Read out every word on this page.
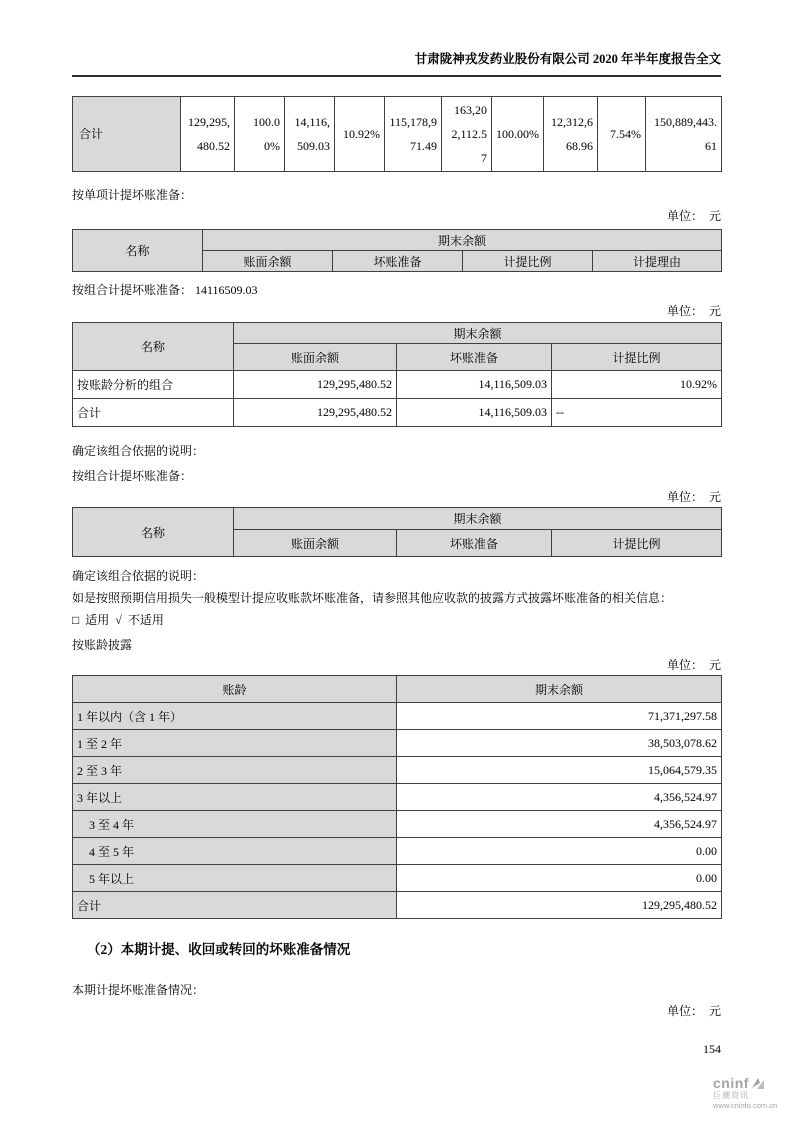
甘肃陇神戎发药业股份有限公司 2020 年半年度报告全文
合计	129,295,480.52	100.00%	14,116,509.03	10.92%	115,178,971.49	163,202,112.57	100.00%	12,312,668.96	7.54%	150,889,443.61

按单项计提坏账准备：

单位：　元
名称	期末余额			
	账面余额	坏账准备	计提比例	计提理由

按组合计提坏账准备： 14116509.03

单位：　元
名称	期末余额		
	账面余额	坏账准备	计提比例
按账龄分析的组合	129,295,480.52	14,116,509.03	10.92%
合计	129,295,480.52	14,116,509.03	--

确定该组合依据的说明：

按组合计提坏账准备：

单位：　元
名称	期末余额		
	账面余额	坏账准备	计提比例

确定该组合依据的说明：

如是按照预期信用损失一般模型计提应收账款坏账准备，请参照其他应收款的披露方式披露坏账准备的相关信息：

□ 适用 √ 不适用

按账龄披露

单位：　元
账龄	期末余额
1 年以内（含 1 年）	71,371,297.58
1 至 2 年	38,503,078.62
2 至 3 年	15,064,579.35
3 年以上	4,356,524.97
3 至 4 年	4,356,524.97
4 至 5 年	0.00
5 年以上	0.00
合计	129,295,480.52
（2）本期计提、收回或转回的坏账准备情况

本期计提坏账准备情况：

单位：　元
154
cninf
巨潮资讯
www.cninfo.com.cn
